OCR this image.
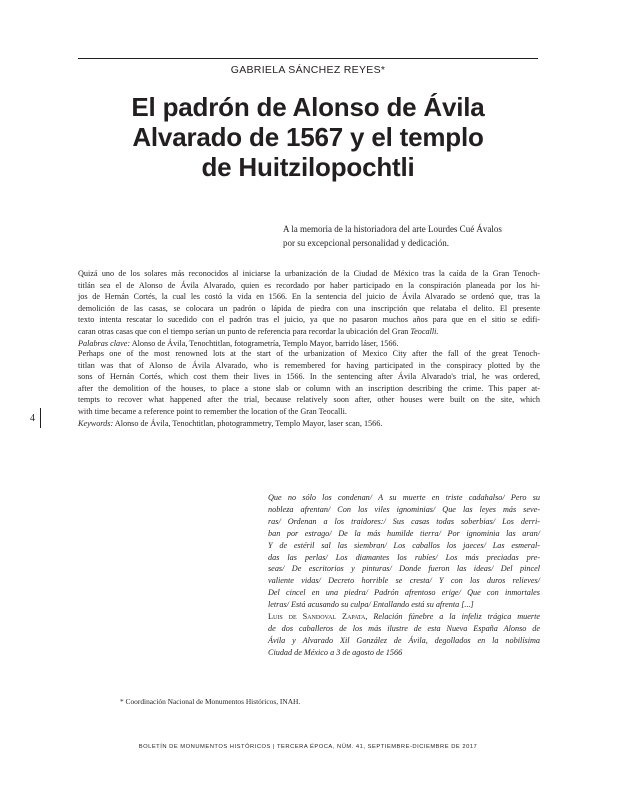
GABRIELA SÁNCHEZ REYES*
El padrón de Alonso de Ávila
Alvarado de 1567 y el templo
de Huitzilopochtli
A la memoria de la historiadora del arte Lourdes Cué Ávalos
por su excepcional personalidad y dedicación.
Quizá uno de los solares más reconocidos al iniciarse la urbanización de la Ciudad de México tras la caída de la Gran Tenoch-
titlán sea el de Alonso de Ávila Alvarado, quien es recordado por haber participado en la conspiración planeada por los hi-
jos de Hernán Cortés, la cual les costó la vida en 1566. En la sentencia del juicio de Ávila Alvarado se ordenó que, tras la
demolición de las casas, se colocara un padrón o lápida de piedra con una inscripción que relataba el delito. El presente
texto intenta rescatar lo sucedido con el padrón tras el juicio, ya que no pasaron muchos años para que en el sitio se edifi-
caran otras casas que con el tiempo serían un punto de referencia para recordar la ubicación del Gran Teocalli.
Palabras clave: Alonso de Ávila, Tenochtitlan, fotogrametría, Templo Mayor, barrido láser, 1566.
Perhaps one of the most renowned lots at the start of the urbanization of Mexico City after the fall of the great Tenoch-
titlan was that of Alonso de Ávila Alvarado, who is remembered for having participated in the conspiracy plotted by the
sons of Hernán Cortés, which cost them their lives in 1566. In the sentencing after Ávila Alvarado's trial, he was ordered,
after the demolition of the houses, to place a stone slab or column with an inscription describing the crime. This paper at-
tempts to recover what happened after the trial, because relatively soon after, other houses were built on the site, which
with time became a reference point to remember the location of the Gran Teocalli.
Keywords: Alonso de Ávila, Tenochtitlan, photogrammetry, Templo Mayor, laser scan, 1566.
4
Que no sólo los condenan/ A su muerte en triste cadahalso/ Pero su
nobleza afrentan/ Con los viles ignominias/ Que las leyes más seve-
ras/ Ordenan a los traidores:/ Sus casas todas soberbias/ Los derri-
ban por estrago/ De la más humilde tierra/ Por ignominia las aran/
Y de estéril sal las siembran/ Los caballos los jaeces/ Las esmeral-
das las perlas/ Los diamantes los rubíes/ Los más preciadas pre-
seas/ De escritorios y pinturas/ Donde fueron las ideas/ Del pincel
valiente vidas/ Decreto horrible se cresta/ Y con los duros relieves/
Del cincel en una piedra/ Padrón afrentoso erige/ Que con inmortales
letras/ Está acusando su culpa/ Entallando está su afrenta [...]
Luis de Sandoval Zapata, Relación fúnebre a la infeliz trágica muerte
de dos caballeros de los más ilustre de esta Nueva España Alonso de
Ávila y Alvarado Xil González de Ávila, degollados en la nobilísima
Ciudad de México a 3 de agosto de 1566
* Coordinación Nacional de Monumentos Históricos, INAH.
BOLETÍN DE MONUMENTOS HISTÓRICOS | TERCERA ÉPOCA, NÚM. 41, SEPTIEMBRE-DICIEMBRE DE 2017
